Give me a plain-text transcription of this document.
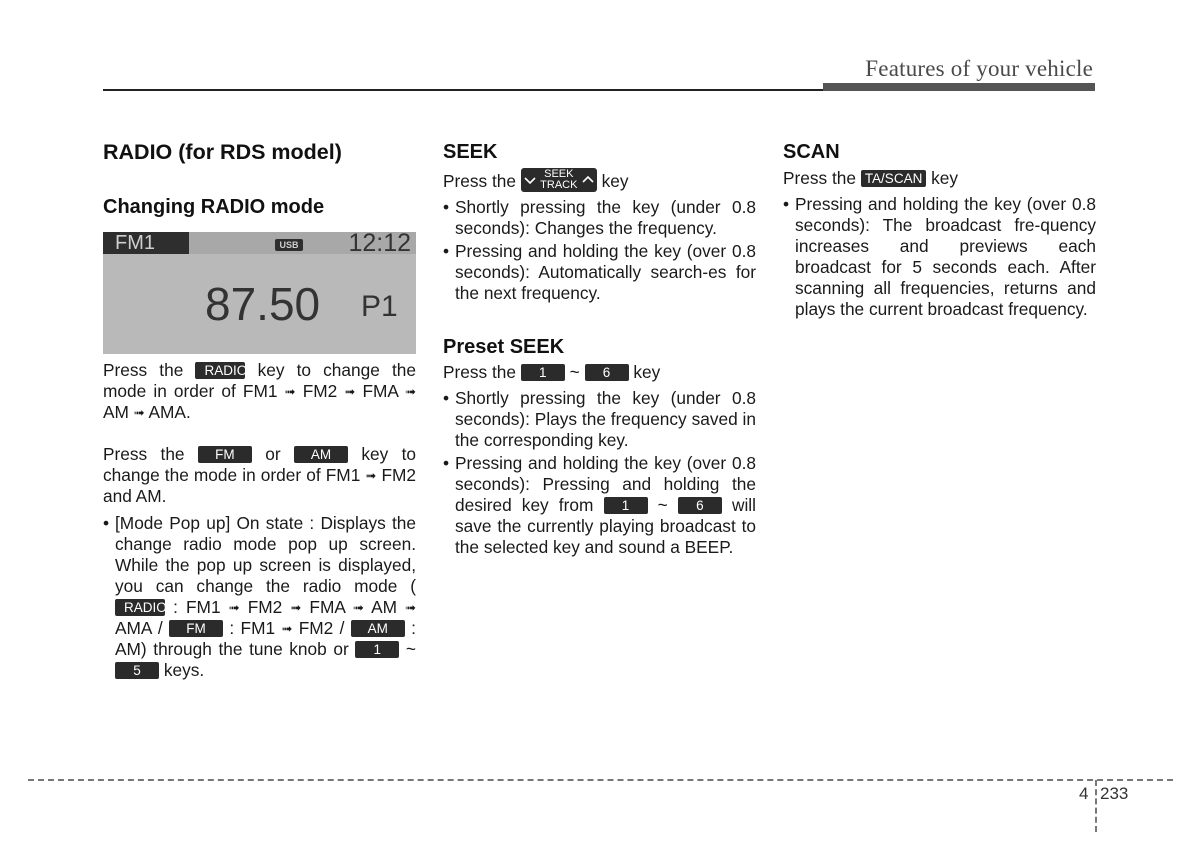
Features of your vehicle
RADIO (for RDS model)
Changing RADIO mode
FM1	USB 12:12
87.50 P1

Press the RADIO key to change the mode in order of FM1 ➟ FM2 ➟ FMA ➟ AM ➟ AMA.

Press the FM or AM key to change the mode in order of FM1 ➟ FM2 and AM.

• [Mode Pop up] On state : Displays the change radio mode pop up screen. While the pop up screen is displayed, you can change the radio mode (RADIO : FM1 ➟ FM2 ➟ FMA ➟ AM ➟ AMA / FM : FM1 ➟ FM2 / AM : AM) through the tune knob or 1 ~ 5 keys.

SEEK

Press the	SEEK
TRACK	key

• Shortly pressing the key (under 0.8 seconds): Changes the frequency.

• Pressing and holding the key (over 0.8 seconds): Automatically search-es for the next frequency.

Preset SEEK

Press the 1 ~ 6 key

• Shortly pressing the key (under 0.8 seconds): Plays the frequency saved in the corresponding key.

• Pressing and holding the key (over 0.8 seconds): Pressing and holding the desired key from 1 ~ 6 will save the currently playing broadcast to the selected key and sound a BEEP.

SCAN

Press the TA/SCAN key

• Pressing and holding the key (over 0.8 seconds): The broadcast fre-quency increases and previews each broadcast for 5 seconds each. After scanning all frequencies, returns and plays the current broadcast frequency.

4 233
